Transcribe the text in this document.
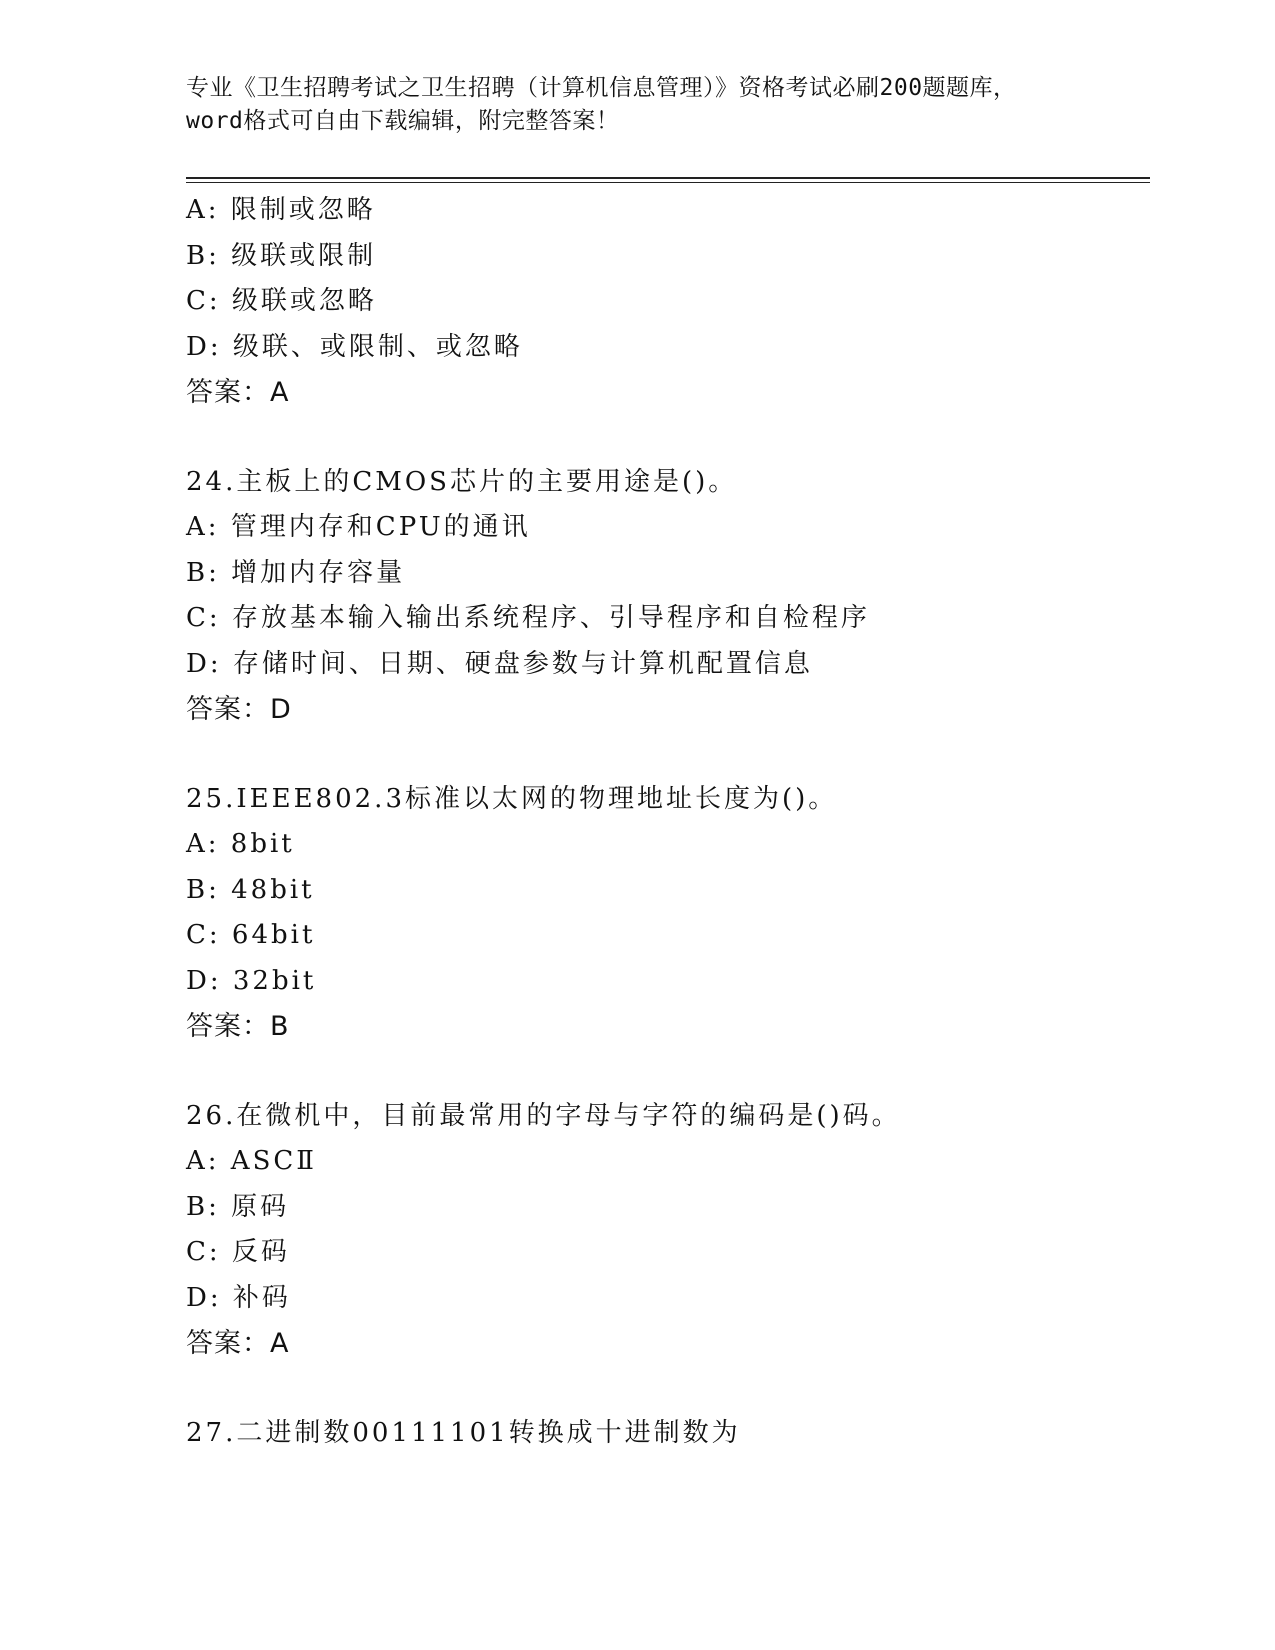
专业《卫生招聘考试之卫生招聘（计算机信息管理）》资格考试必刷200题题库，
word格式可自由下载编辑，附完整答案！
A: 限制或忽略
B: 级联或限制
C: 级联或忽略
D: 级联、或限制、或忽略
答案：A
24.主板上的CMOS芯片的主要用途是()。
A: 管理内存和CPU的通讯
B: 增加内存容量
C: 存放基本输入输出系统程序、引导程序和自检程序
D: 存储时间、日期、硬盘参数与计算机配置信息
答案：D
25.IEEE802.3标准以太网的物理地址长度为()。
A: 8bit
B: 48bit
C: 64bit
D: 32bit
答案：B
26.在微机中，目前最常用的字母与字符的编码是()码。
A: ASCⅡ
B: 原码
C: 反码
D: 补码
答案：A
27.二进制数00111101转换成十进制数为
